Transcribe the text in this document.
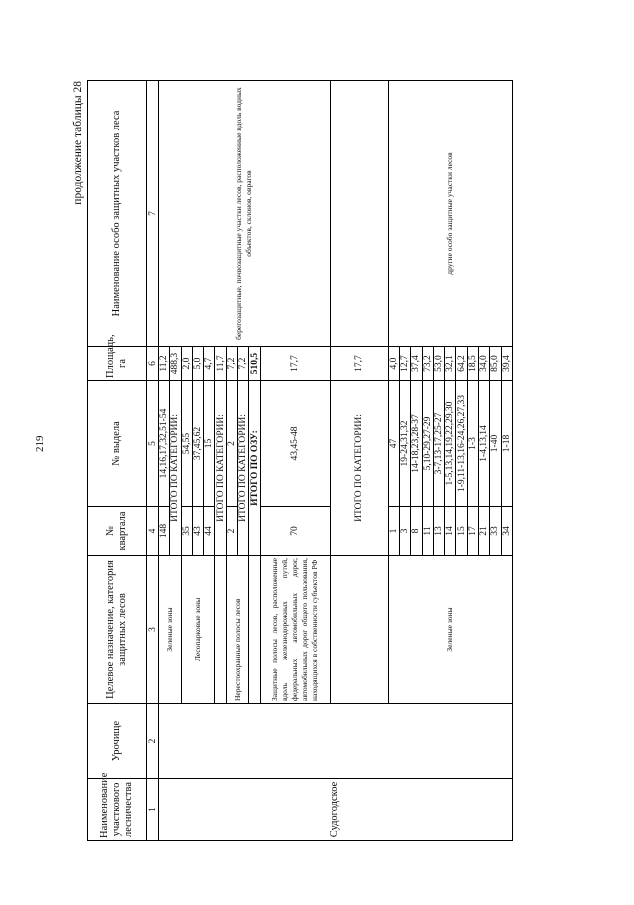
219
продолжение таблицы 28
Наименование участкового лесничества	Урочище	Целевое назначение, категория защитных лесов	№ квартала	№ выдела	Площадь, га	Наименование особо защитных участков леса	
1	2	3	4	5	6	7	
Судогодское		Зеленые зоны	148	14,16,17,32,51-54	11,2	берегозащитные, почвозащитные участки лесов, расположенные вдоль водных объектов, склонов, оврагов	
			ИТОГО ПО КАТЕГОРИИ:		488,3		
		Лесопарковые зоны	35	54,55	2,0		
			43	37,45,62	5,0		
			44	15	4,7		
			ИТОГО ПО КАТЕГОРИИ:		11,7		
		Нерестоохранные полосы лесов	2	2	7,2		
			ИТОГО ПО КАТЕГОРИИ:		7,2		
			ИТОГО ПО ОЗУ:		510,5		
		Защитные полосы лесов, расположенные вдоль железнодорожных путей, федеральных автомобильных дорог, автомобильных дорог общего пользования, находящихся в собственности субъектов РФ	70	43,45-48	17,7		
			ИТОГО ПО КАТЕГОРИИ:		17,7		
		Зеленые зоны	1	47	4,0	другие особо защитные участки лесов	
			3	19-24,31,32	12,7		
			8	14-18,23,28-37	37,4		
			11	5,10-29,27-29	73,2		
			13	3-7,13-17,25-27	53,0		
			14	1-5,13,14,19,22,29,30	32,1		
			15	1-9,11-13,16-24,26,27,33	64,2		
			17	1-3	18,5		
			21	1-4,13,14	34,0		
			33	1-40	85,0		
			34	1-18	39,4		
